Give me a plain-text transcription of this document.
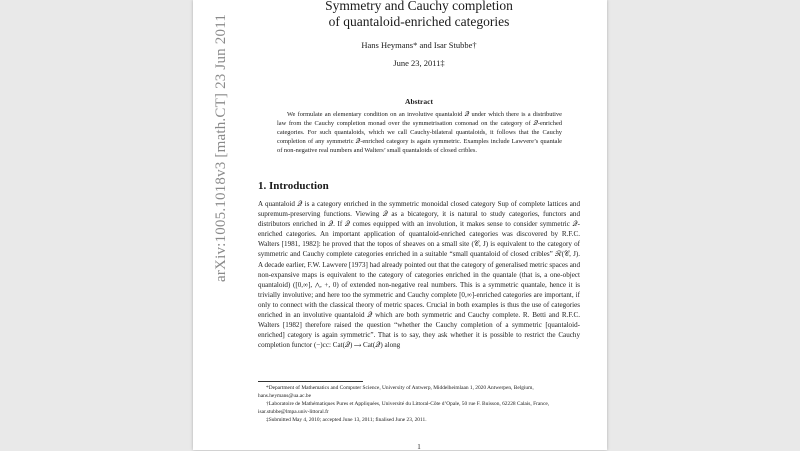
arXiv:1005.1018v3 [math.CT] 23 Jun 2011
Symmetry and Cauchy completion
of quantaloid-enriched categories
Hans Heymans* and Isar Stubbe†
June 23, 2011‡
Abstract
We formulate an elementary condition on an involutive quantaloid 𝒬 under which there is a distributive law from the Cauchy completion monad over the symmetrisation comonad on the category of 𝒬-enriched categories. For such quantaloids, which we call Cauchy-bilateral quantaloids, it follows that the Cauchy completion of any symmetric 𝒬-enriched category is again symmetric. Examples include Lawvere’s quantale of non-negative real numbers and Walters’ small quantaloids of closed cribles.
1. Introduction
A quantaloid 𝒬 is a category enriched in the symmetric monoidal closed category Sup of complete lattices and supremum-preserving functions. Viewing 𝒬 as a bicategory, it is natural to study categories, functors and distributors enriched in 𝒬. If 𝒬 comes equipped with an involution, it makes sense to consider symmetric 𝒬-enriched categories. An important application of quantaloid-enriched categories was discovered by R.F.C. Walters [1981, 1982]: he proved that the topos of sheaves on a small site (𝒞, J) is equivalent to the category of symmetric and Cauchy complete categories enriched in a suitable “small quantaloid of closed cribles” ℛ(𝒞, J). A decade earlier, F.W. Lawvere [1973] had already pointed out that the category of generalised metric spaces and non-expansive maps is equivalent to the category of categories enriched in the quantale (that is, a one-object quantaloid) ([0,∞], ⋀, +, 0) of extended non-negative real numbers. This is a symmetric quantale, hence it is trivially involutive; and here too the symmetric and Cauchy complete [0,∞]-enriched categories are important, if only to connect with the classical theory of metric spaces. Crucial in both examples is thus the use of categories enriched in an involutive quantaloid 𝒬 which are both symmetric and Cauchy complete. R. Betti and R.F.C. Walters [1982] therefore raised the question “whether the Cauchy completion of a symmetric [quantaloid-enriched] category is again symmetric”. That is to say, they ask whether it is possible to restrict the Cauchy completion functor (−)cc: Cat(𝒬) ⟶ Cat(𝒬) along

*Department of Mathematics and Computer Science, University of Antwerp, Middelheimlaan 1, 2020 Antwerpen, Belgium, hans.heymans@ua.ac.be

†Laboratoire de Mathématiques Pures et Appliquées, Université du Littoral-Côte d’Opale, 50 rue F. Buisson, 62228 Calais, France, isar.stubbe@lmpa.univ-littoral.fr

‡Submitted May 4, 2010; accepted June 13, 2011; finalised June 23, 2011.

1
